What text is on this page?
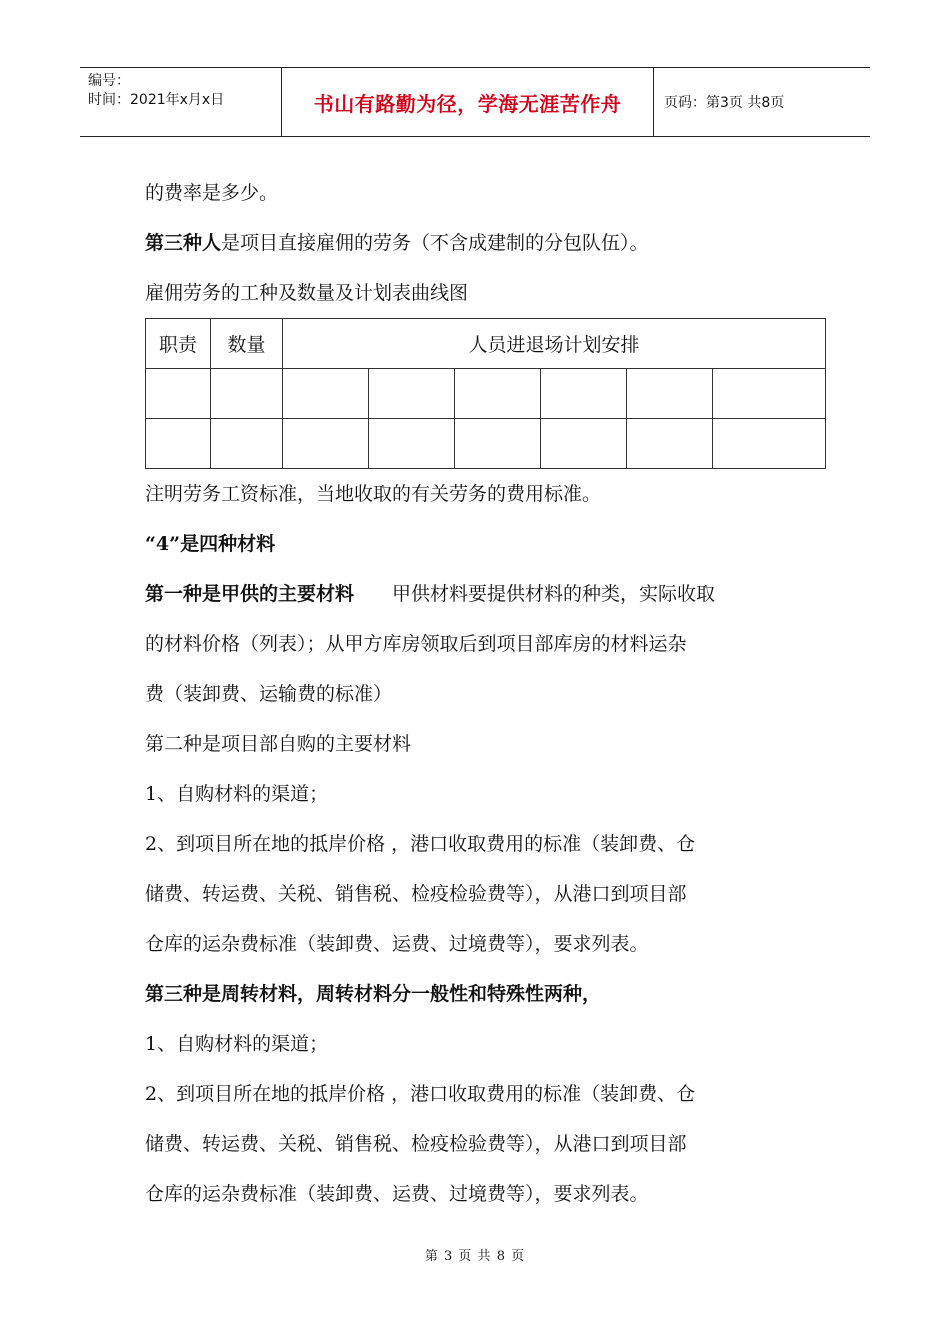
编号：
时间：2021年x月x日	书山有路勤为径，学海无涯苦作舟	页码：第3页 共8页
的费率是多少。
第三种人是项目直接雇佣的劳务（不含成建制的分包队伍）。
雇佣劳务的工种及数量及计划表曲线图
职责	数量	人员进退场计划安排					

注明劳务工资标准，当地收取的有关劳务的费用标准。
“4”是四种材料
第一种是甲供的主要材料 甲供材料要提供材料的种类，实际收取
的材料价格（列表）；从甲方库房领取后到项目部库房的材料运杂
费（装卸费、运输费的标准）
第二种是项目部自购的主要材料
1、自购材料的渠道；
2、到项目所在地的抵岸价格 ，港口收取费用的标准（装卸费、仓
储费、转运费、关税、销售税、检疫检验费等），从港口到项目部
仓库的运杂费标准（装卸费、运费、过境费等），要求列表。
第三种是周转材料，周转材料分一般性和特殊性两种，
1、自购材料的渠道；
2、到项目所在地的抵岸价格 ，港口收取费用的标准（装卸费、仓
储费、转运费、关税、销售税、检疫检验费等），从港口到项目部
仓库的运杂费标准（装卸费、运费、过境费等），要求列表。
第 3 页 共 8 页
